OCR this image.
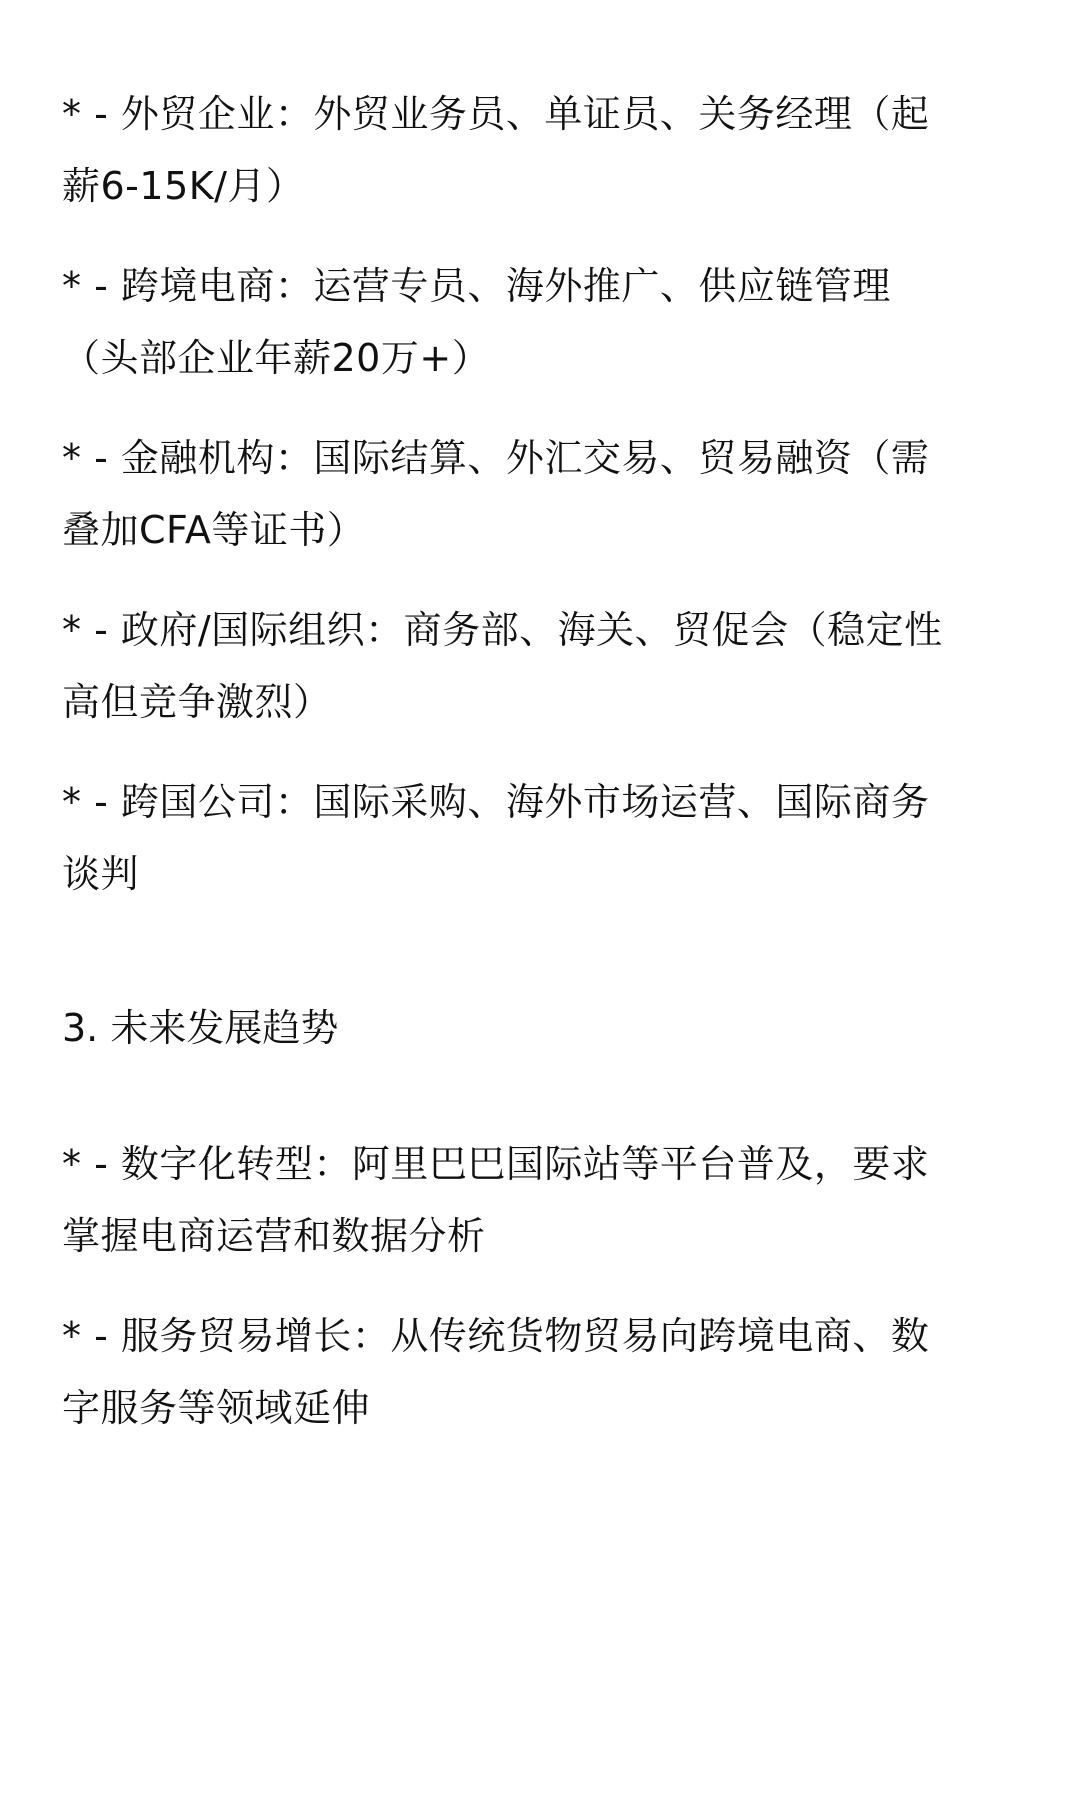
* - 外贸企业：外贸业务员、单证员、关务经理（起
薪6-15K/月）
* - 跨境电商：运营专员、海外推广、供应链管理
（头部企业年薪20万+）
* - 金融机构：国际结算、外汇交易、贸易融资（需
叠加CFA等证书）
* - 政府/国际组织：商务部、海关、贸促会（稳定性
高但竞争激烈）
* - 跨国公司：国际采购、海外市场运营、国际商务
谈判
3. 未来发展趋势
* - 数字化转型：阿里巴巴国际站等平台普及，要求
掌握电商运营和数据分析
* - 服务贸易增长：从传统货物贸易向跨境电商、数
字服务等领域延伸
